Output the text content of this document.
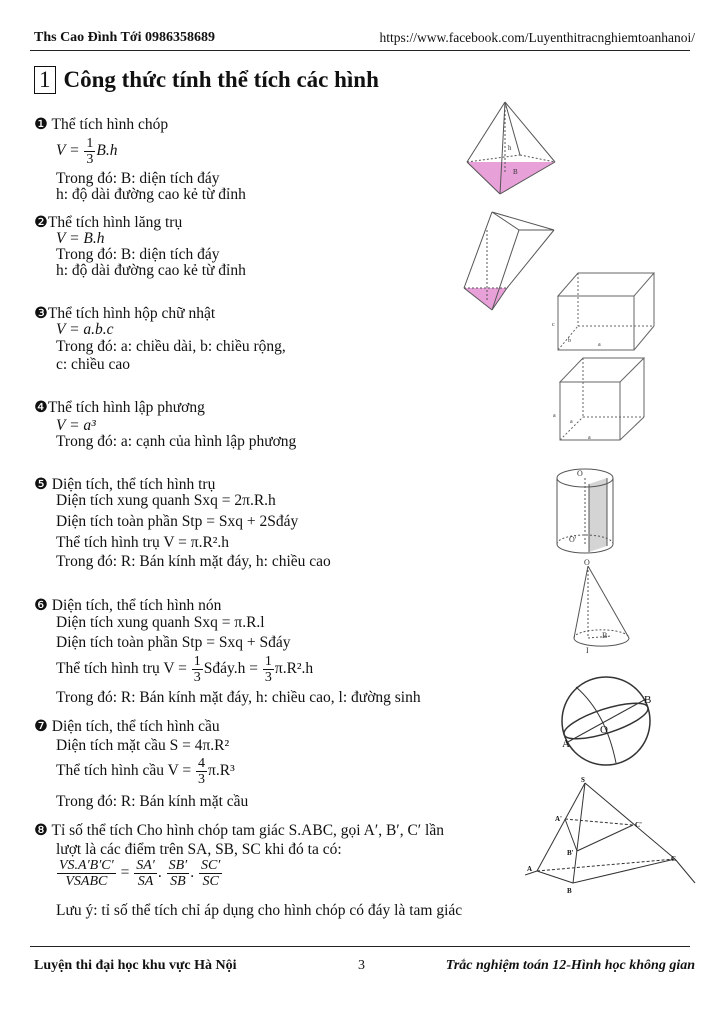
Ths Cao Đình Tới 0986358689	https://www.facebook.com/Luyenthitracnghiemtoanhanoi/
1 Công thức tính thể tích các hình
❶ Thể tích hình chóp
$V = \frac{1}{3} B.h$
Trong đó: B: diện tích đáy
h: độ dài đường cao kẻ từ đỉnh
❷Thể tích hình lăng trụ
V = B.h
Trong đó: B: diện tích đáy
h: độ dài đường cao kẻ từ đỉnh
❸Thể tích hình hộp chữ nhật
V = a.b.c
Trong đó: a: chiều dài, b: chiều rộng,
c: chiều cao
❹Thể tích hình lập phương
V = a³
Trong đó: a: cạnh của hình lập phương
❺ Diện tích, thể tích hình trụ
Diện tích xung quanh Sxq = 2π.R.h
Diện tích toàn phần Stp = Sxq + 2Sđáy
Thể tích hình trụ V = π.R².h
Trong đó: R: Bán kính mặt đáy, h: chiều cao
❻ Diện tích, thể tích hình nón
Diện tích xung quanh Sxq = π.R.l
Diện tích toàn phần Stp = Sxq + Sđáy
Thể tích hình trụ $V = \frac{1}{3}$ Sđáy.h = $\frac{1}{3} \pi.R^2.h$
Trong đó: R: Bán kính mặt đáy, h: chiều cao, l: đường sinh
❼ Diện tích, thể tích hình cầu
Diện tích mặt cầu S = 4π.R²
Thể tích hình cầu $V = \frac{4}{3} \pi.R^3$
Trong đó: R: Bán kính mặt cầu
❽ Tỉ số thể tích Cho hình chóp tam giác S.ABC, gọi A′, B′, C′ lần
lượt là các điểm trên SA, SB, SC khi đó ta có:
$\frac{VS.A'B'C'}{\text{VSABC}} = \frac{SA'}{SA}$ . $\frac{SB'}{SB}$ . $\frac{SC'}{SC}$
Lưu ý: tỉ số thể tích chỉ áp dụng cho hình chóp có đáy là tam giác
h
B
c
b
a
a
a
a
O
O'
O
B
I
A
B
O
S
A
B
C
A'
B'
C'
Luyện thi đại học khu vực Hà Nội	3	Trắc nghiệm toán 12-Hình học không gian
